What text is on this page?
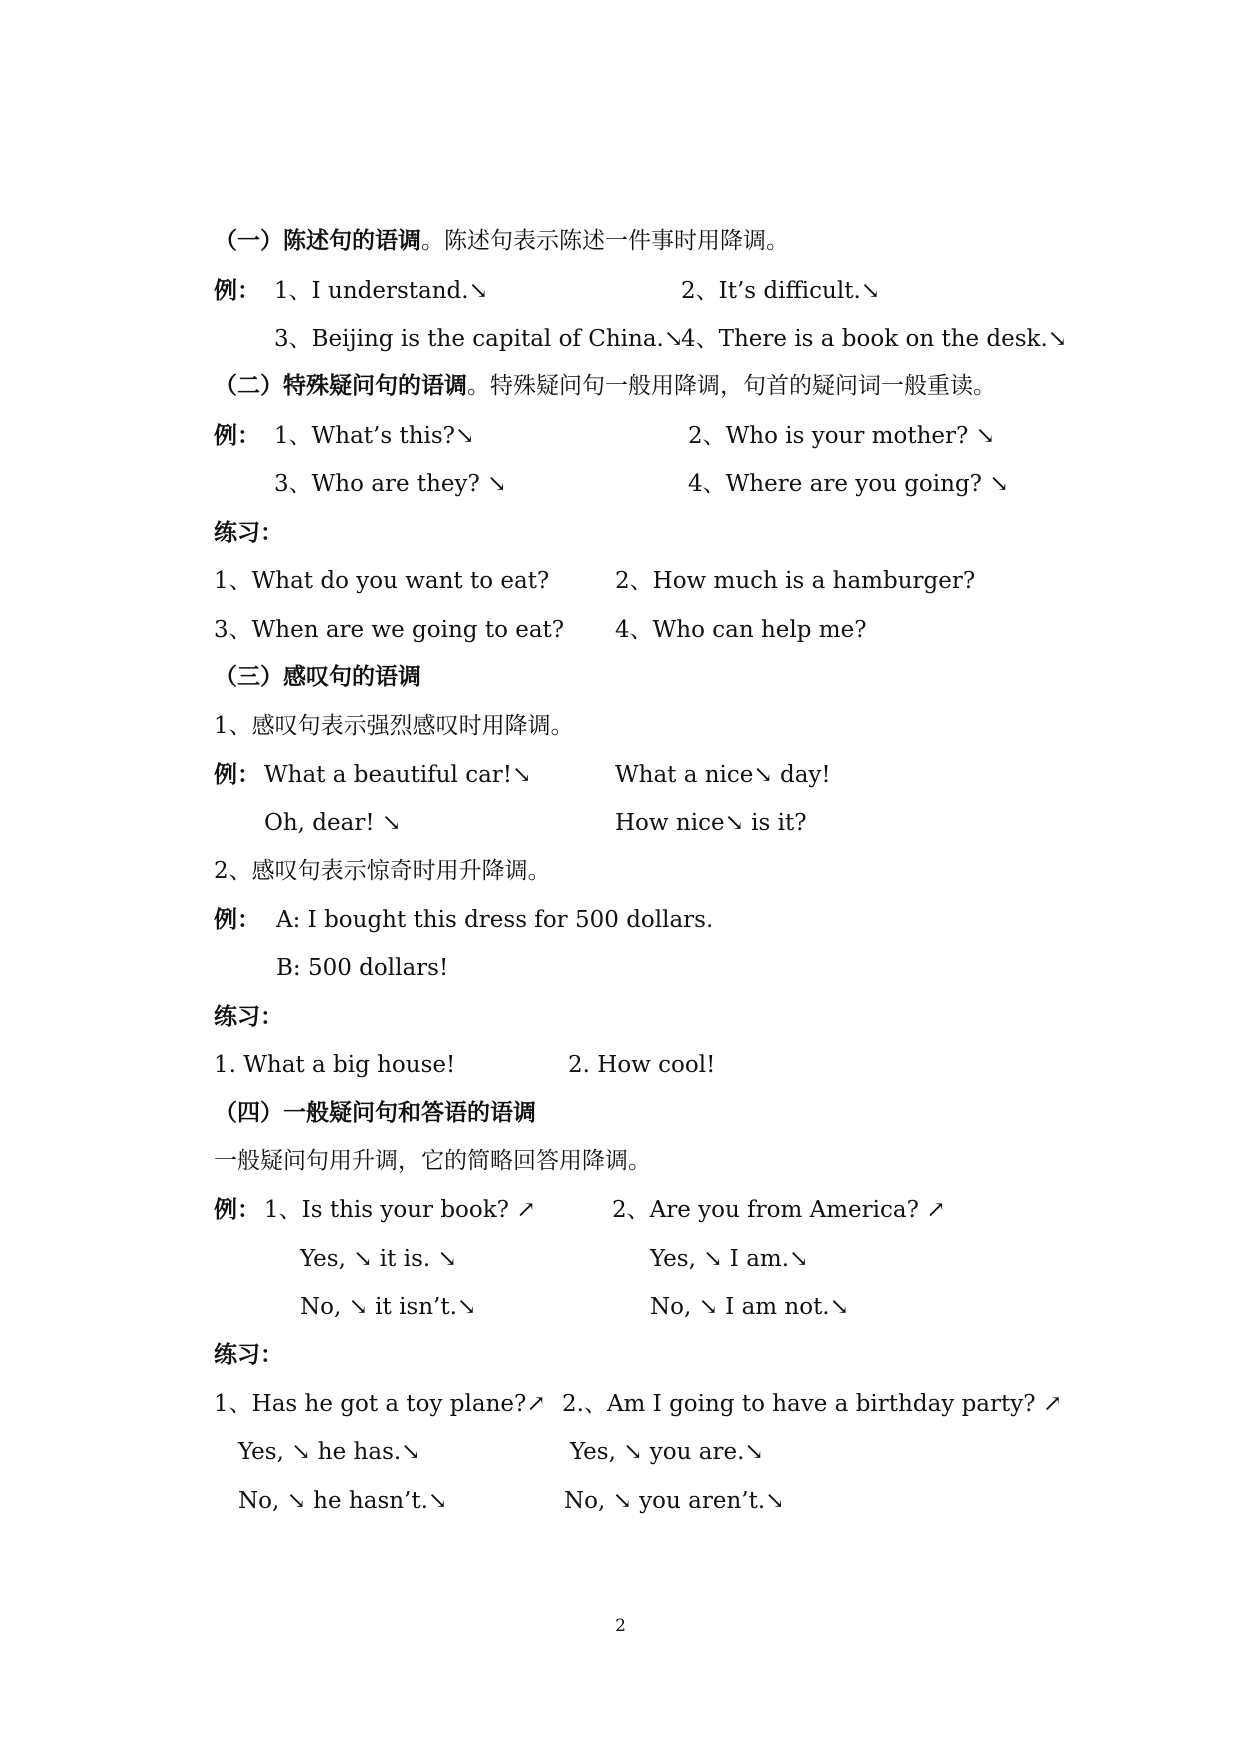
（一）陈述句的语调。陈述句表示陈述一件事时用降调。
例： 1、I understand.↘	2、It’s difficult.↘
3、Beijing is the capital of China.↘
4、There is a book on the desk.↘
（二）特殊疑问句的语调。特殊疑问句一般用降调，句首的疑问词一般重读。
例： 1、What’s this?↘	2、Who is your mother? ↘
3、Who are they? ↘	4、Where are you going? ↘
练习：
1、What do you want to eat?	2、How much is a hamburger?
3、When are we going to eat? 4、Who can help me?
（三）感叹句的语调
1、感叹句表示强烈感叹时用降调。
例： What a beautiful car!↘	What a nice↘ day!
Oh, dear! ↘	How nice↘ is it?
2、感叹句表示惊奇时用升降调。
例： A: I bought this dress for 500 dollars.
B: 500 dollars!
练习：
1. What a big house!	2. How cool!
（四）一般疑问句和答语的语调
一般疑问句用升调，它的简略回答用降调。
例： 1、Is this your book? ↗	2、Are you from America? ↗
Yes, ↘ it is. ↘	Yes, ↘ I am.↘
No, ↘ it isn’t.↘	No, ↘ I am not.↘
练习：
1、Has he got a toy plane?↗ 2.、Am I going to have a birthday party? ↗
Yes, ↘ he has.↘	Yes, ↘ you are.↘
No, ↘ he hasn’t.↘	No, ↘ you aren’t.↘
2
